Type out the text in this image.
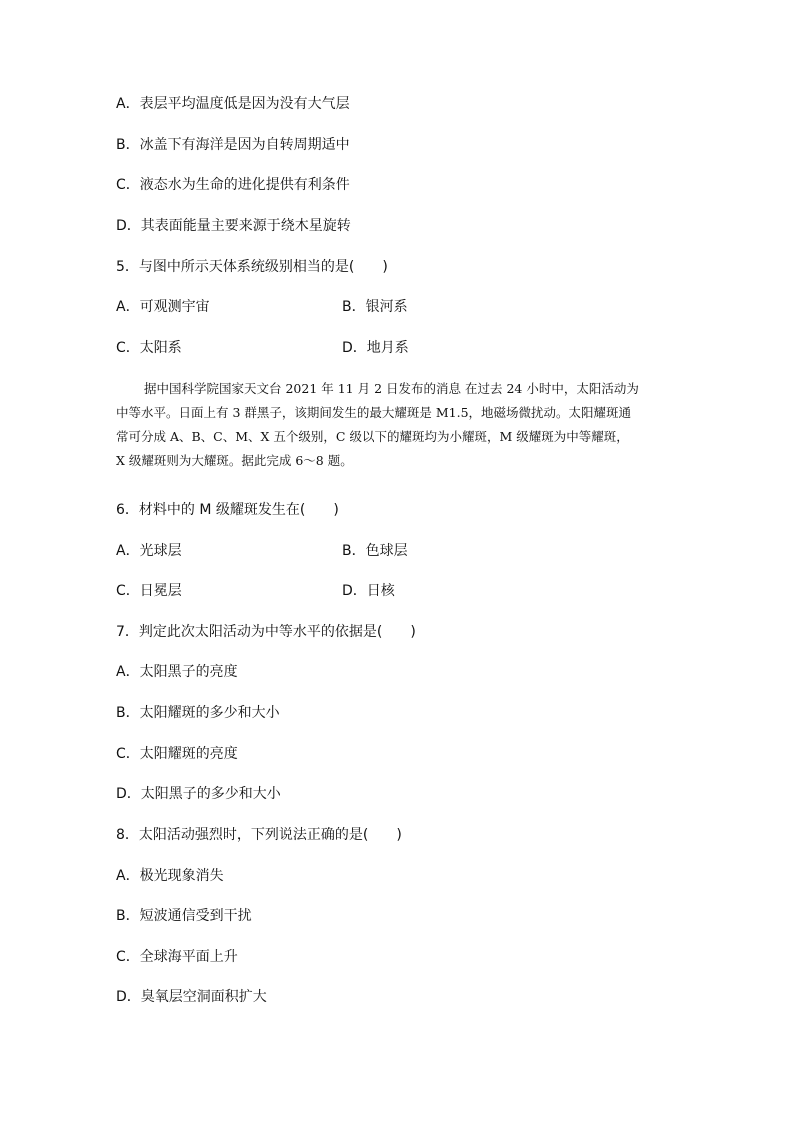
A．表层平均温度低是因为没有大气层
B．冰盖下有海洋是因为自转周期适中
C．液态水为生命的进化提供有利条件
D．其表面能量主要来源于绕木星旋转
5．与图中所示天体系统级别相当的是(　　)
A．可观测宇宙	B．银河系
C．太阳系	D．地月系

据中国科学院国家天文台 2021 年 11 月 2 日发布的消息 在过去 24 小时中，太阳活动为

中等水平。日面上有 3 群黑子，该期间发生的最大耀斑是 M1.5，地磁场微扰动。太阳耀斑通

常可分成 A、B、C、M、X 五个级别，C 级以下的耀斑均为小耀斑，M 级耀斑为中等耀斑，

X 级耀斑则为大耀斑。据此完成 6～8 题。

6．材料中的 M 级耀斑发生在(　　)
A．光球层	B．色球层
C．日冕层	D．日核
7．判定此次太阳活动为中等水平的依据是(　　)
A．太阳黑子的亮度
B．太阳耀斑的多少和大小
C．太阳耀斑的亮度
D．太阳黑子的多少和大小
8．太阳活动强烈时，下列说法正确的是(　　)
A．极光现象消失
B．短波通信受到干扰
C．全球海平面上升
D．臭氧层空洞面积扩大
